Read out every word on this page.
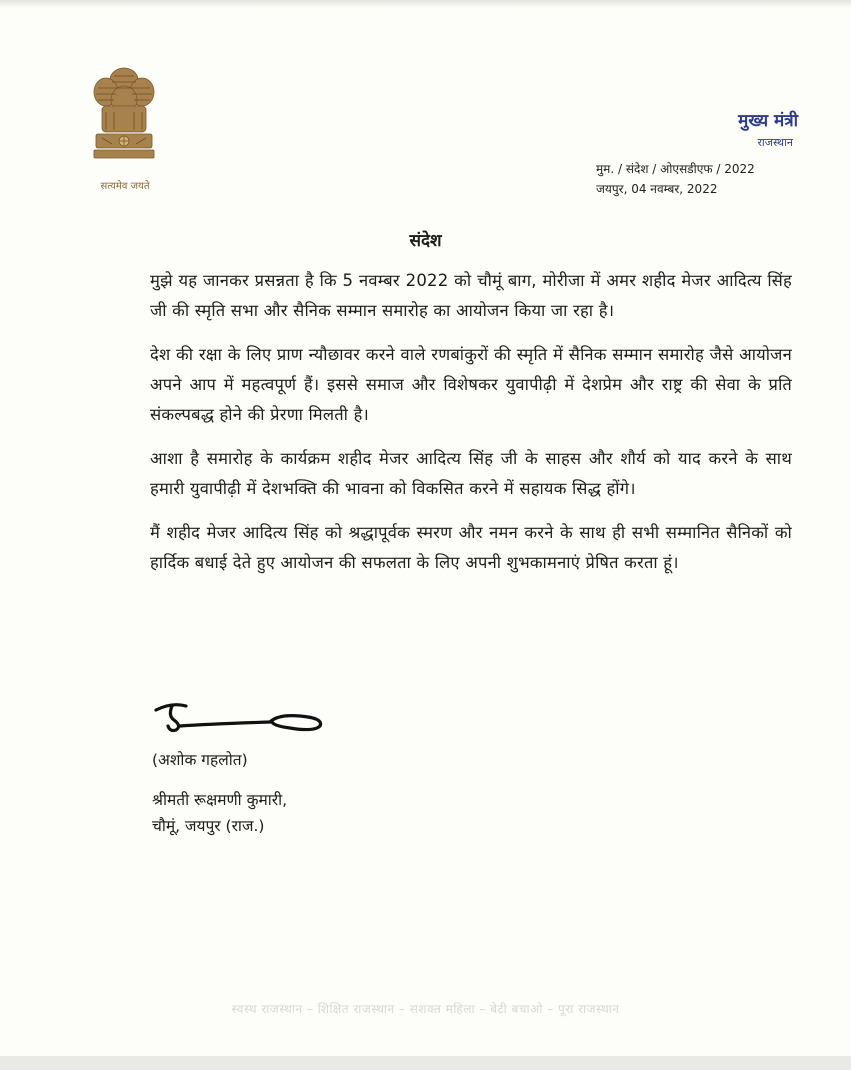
सत्यमेव जयते
मुख्य मंत्री
राजस्थान
मुम. / संदेश / ओएसडीएफ / 2022
जयपुर, 04 नवम्बर, 2022
संदेश

मुझे यह जानकर प्रसन्नता है कि 5 नवम्बर 2022 को चौमूं बाग, मोरीजा में अमर शहीद मेजर आदित्य सिंह जी की स्मृति सभा और सैनिक सम्मान समारोह का आयोजन किया जा रहा है।

देश की रक्षा के लिए प्राण न्यौछावर करने वाले रणबांकुरों की स्मृति में सैनिक सम्मान समारोह जैसे आयोजन अपने आप में महत्वपूर्ण हैं। इससे समाज और विशेषकर युवापीढ़ी में देशप्रेम और राष्ट्र की सेवा के प्रति संकल्पबद्ध होने की प्रेरणा मिलती है।

आशा है समारोह के कार्यक्रम शहीद मेजर आदित्य सिंह जी के साहस और शौर्य को याद करने के साथ हमारी युवापीढ़ी में देशभक्ति की भावना को विकसित करने में सहायक सिद्ध होंगे।

मैं शहीद मेजर आदित्य सिंह को श्रद्धापूर्वक स्मरण और नमन करने के साथ ही सभी सम्मानित सैनिकों को हार्दिक बधाई देते हुए आयोजन की सफलता के लिए अपनी शुभकामनाएं प्रेषित करता हूं।

(अशोक गहलोत)
श्रीमती रूक्षमणी कुमारी,
चौमूं, जयपुर (राज.)
स्वस्थ राजस्थान – शिक्षित राजस्थान – सशक्त महिला – बेटी बचाओ – पूरा राजस्थान
